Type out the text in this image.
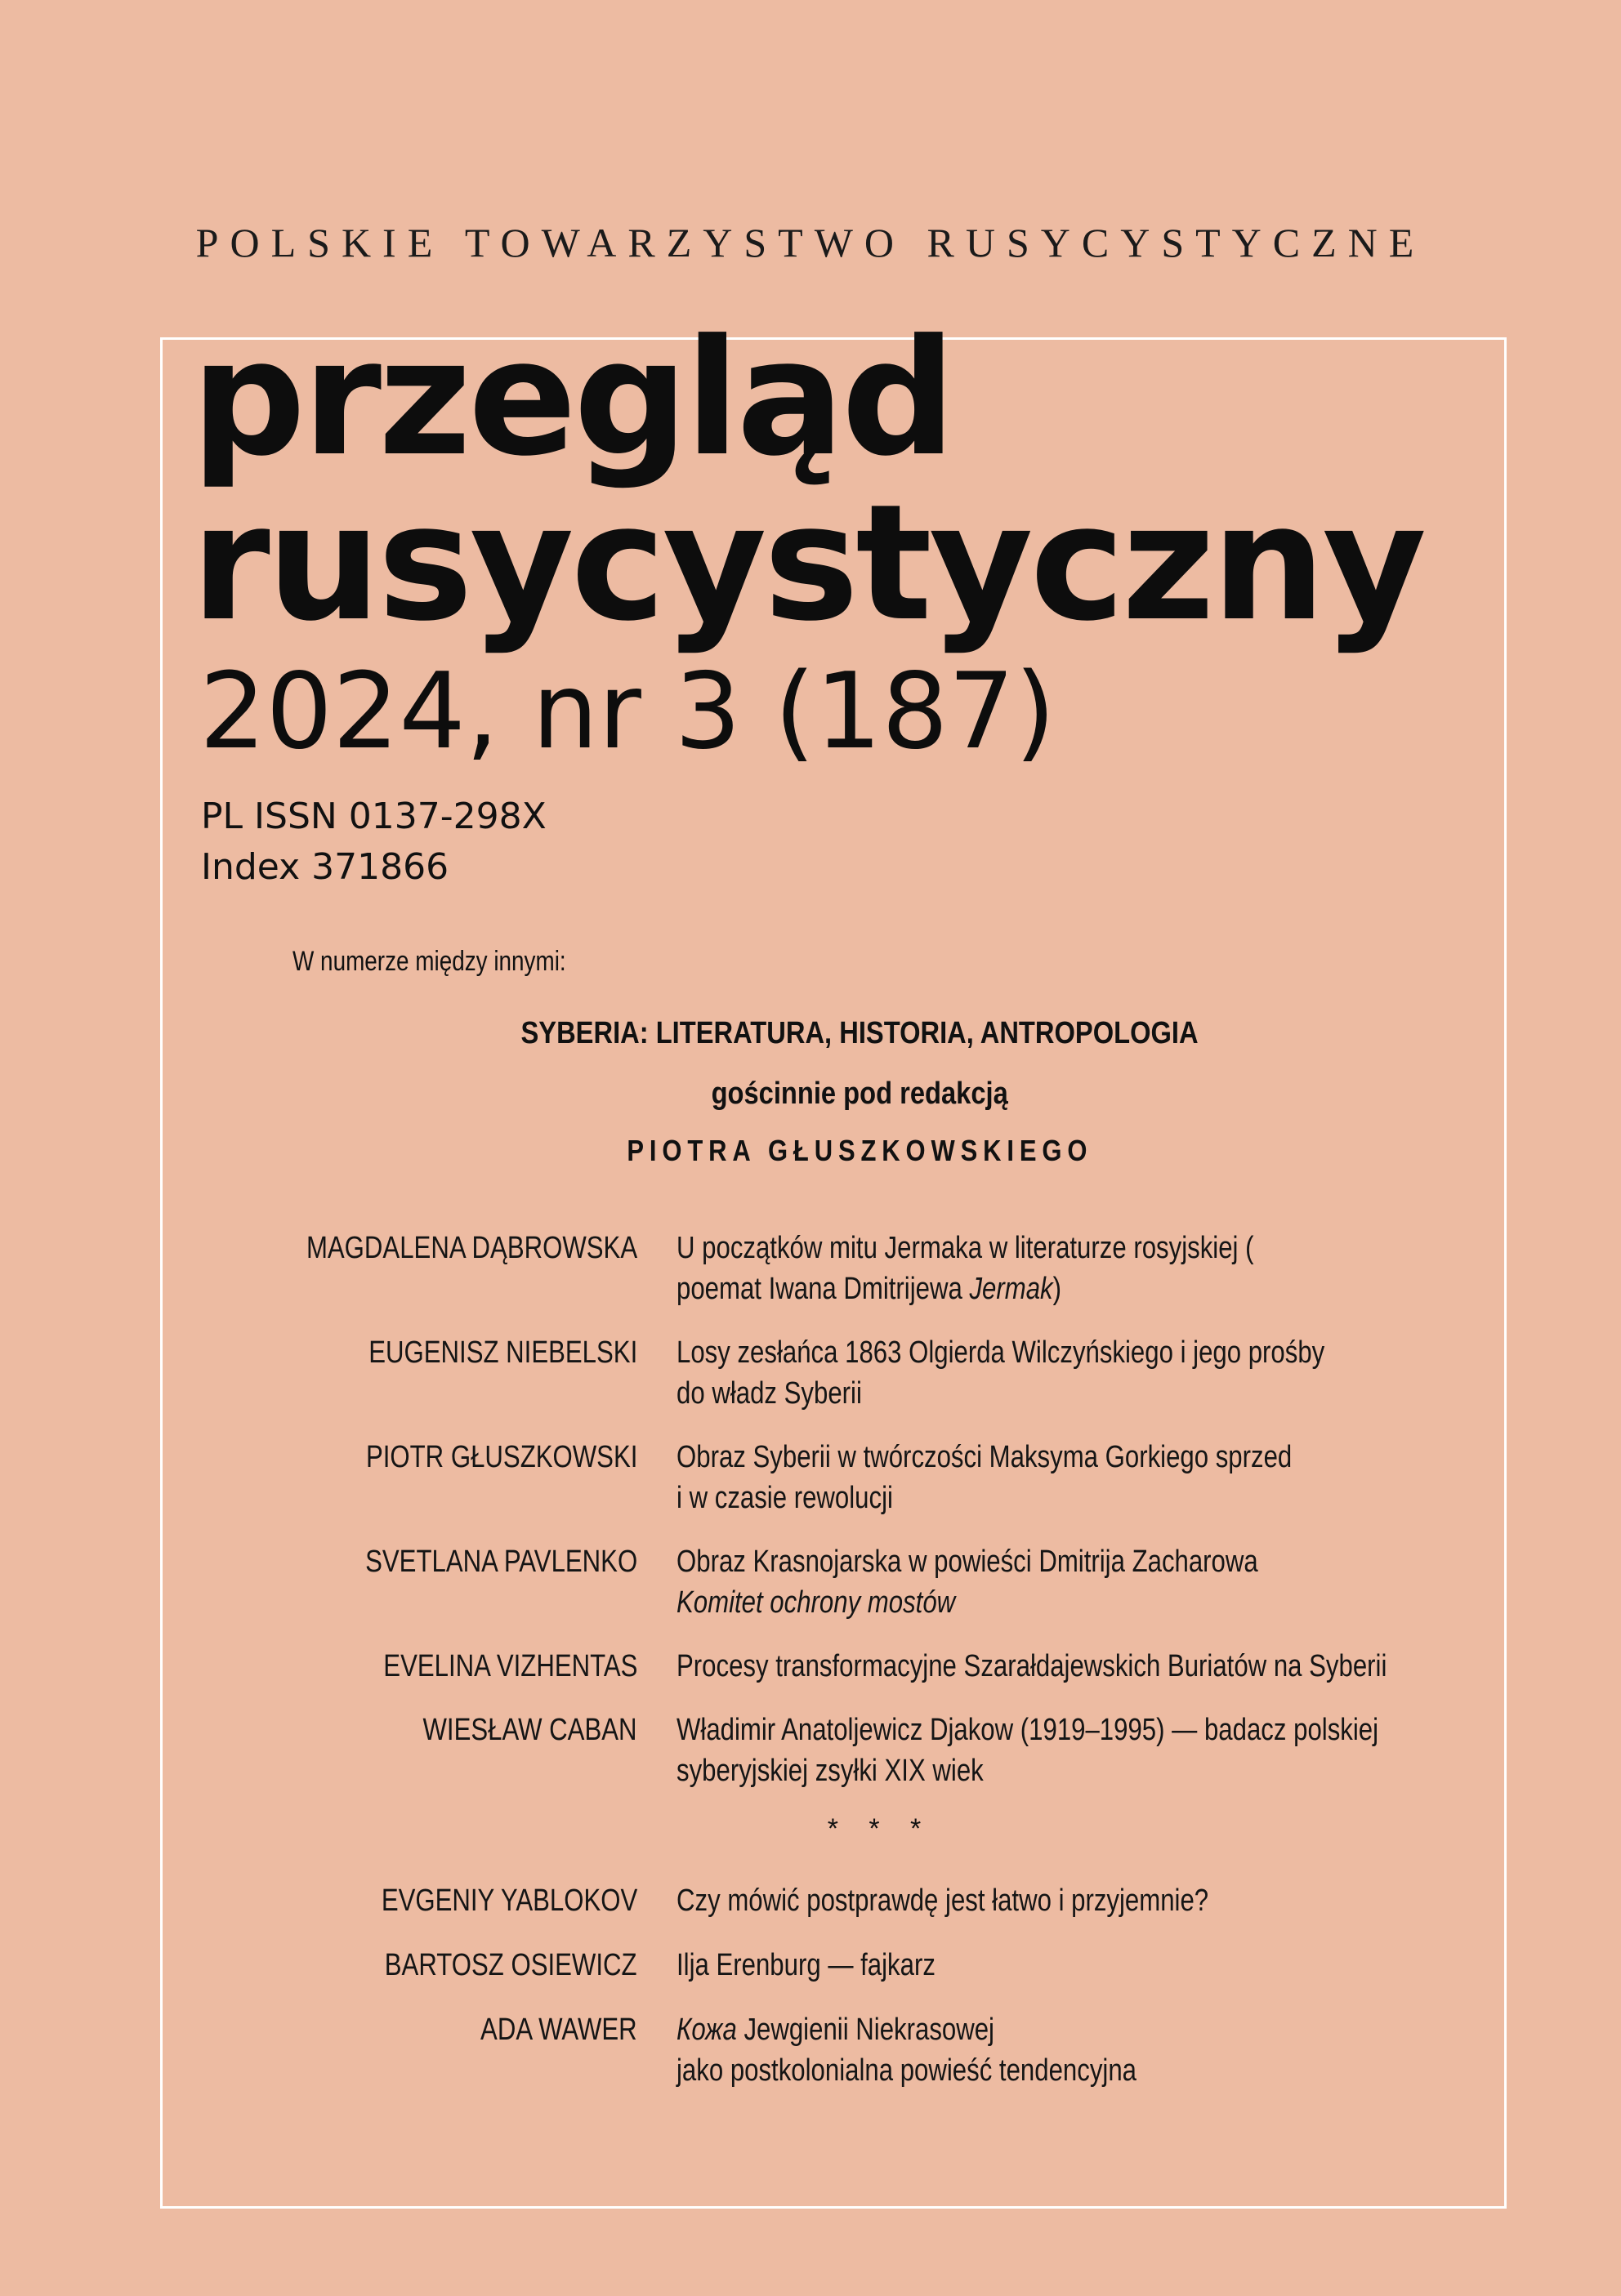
POLSKIE TOWARZYSTWO RUSYCYSTYCZNE
przegląd
rusycystyczny
2024, nr 3 (187)
PL ISSN 0137-298X
Index 371866
W numerze między innymi:
SYBERIA: LITERATURA, HISTORIA, ANTROPOLOGIA
gościnnie pod redakcją
PIOTRA GŁUSZKOWSKIEGO
MAGDALENA DĄBROWSKA U początków mitu Jermaka w literaturze rosyjskiej (
poemat Iwana Dmitrijewa Jermak)
EUGENISZ NIEBELSKI Losy zesłańca 1863 Olgierda Wilczyńskiego i jego prośby
do władz Syberii
PIOTR GŁUSZKOWSKI Obraz Syberii w twórczości Maksyma Gorkiego sprzed
i w czasie rewolucji
SVETLANA PAVLENKO Obraz Krasnojarska w powieści Dmitrija Zacharowa
Komitet ochrony mostów
EVELINA VIZHENTAS Procesy transformacyjne Szarałdajewskich Buriatów na Syberii
WIESŁAW CABAN Władimir Anatoljewicz Djakow (1919–1995) — badacz polskiej
syberyjskiej zsyłki XIX wiek
* * *
EVGENIY YABLOKOV Czy mówić postprawdę jest łatwo i przyjemnie?
BARTOSZ OSIEWICZ Ilja Erenburg — fajkarz
ADA WAWER Кожа Jewgienii Niekrasowej
jako postkolonialna powieść tendencyjna
